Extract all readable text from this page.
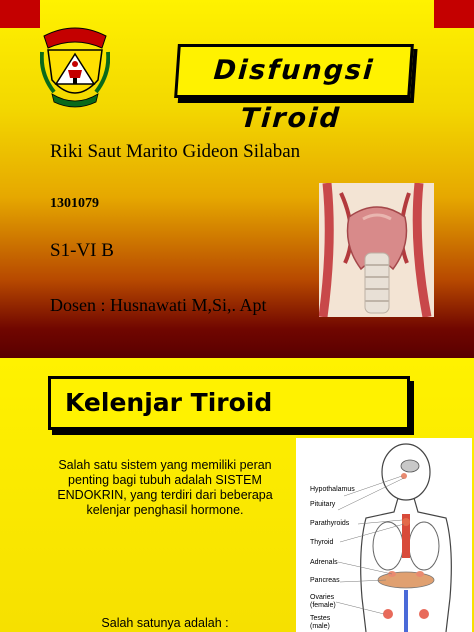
Disfungsi Tiroid
Riki Saut Marito Gideon Silaban
1301079
S1-VI B
Dosen : Husnawati M,Si,. Apt
Kelenjar Tiroid
Salah satu sistem yang memiliki peran penting bagi tubuh adalah SISTEM ENDOKRIN, yang terdiri dari beberapa kelenjar penghasil hormone.
Salah satunya adalah :
Hypothalamus
Pituitary
Parathyroids
Thyroid
Adrenals
Pancreas
Ovaries
(female)
Testes
(male)
